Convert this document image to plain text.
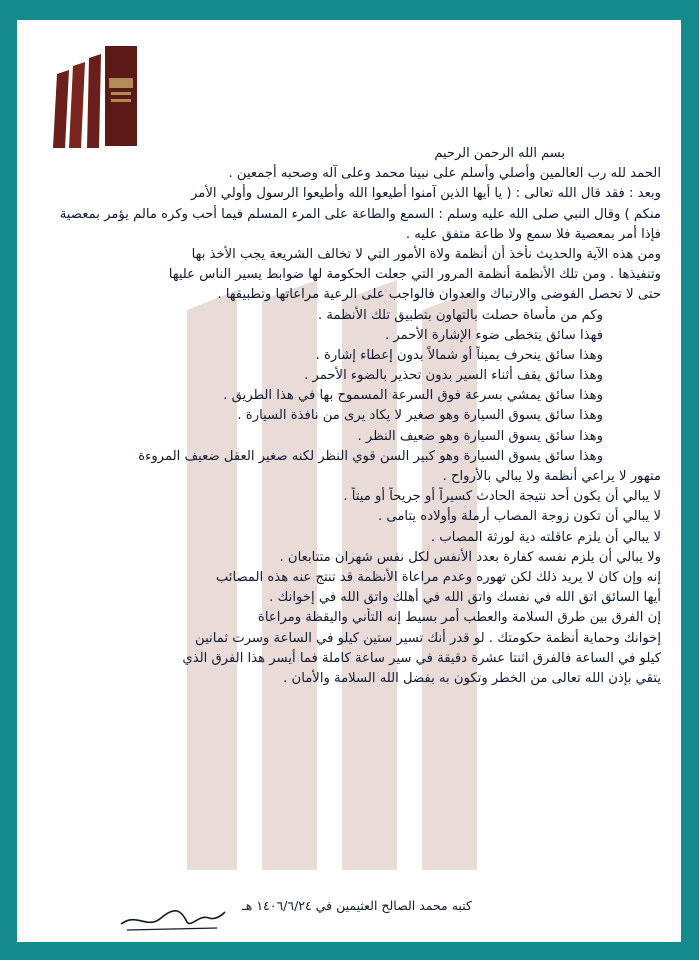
بسم الله الرحمن الرحيم
الحمد لله رب العالمين وأصلي وأسلم على نبينا محمد وعلى آله وصحبه أجمعين .
وبعد : فقد قال الله تعالى : ( يا أيها الذين آمنوا أطيعوا الله وأطيعوا الرسول وأولي الأمر
منكم ) وقال النبي صلى الله عليه وسلم : السمع والطاعة على المرء المسلم فيما أحب وكره مالم يؤمر بمعصية
فإذا أمر بمعصية فلا سمع ولا طاعة متفق عليه .
ومن هذه الآية والحديث نأخذ أن أنظمة ولاة الأمور التي لا تخالف الشريعة يجب الأخذ بها
وتنفيذها . ومن تلك الأنظمة أنظمة المرور التي جعلت الحكومة لها ضوابط يسير الناس عليها
حتى لا تحصل الفوضى والارتباك والعدوان فالواجب على الرعية مراعاتها وتطبيقها .
وكم من مأساة حصلت بالتهاون بتطبيق تلك الأنظمة .
فهذا سائق يتخطى ضوء الإشارة الأحمر .
وهذا سائق ينحرف يميناً أو شمالاً بدون إعطاء إشارة .
وهذا سائق يقف أثناء السير بدون تحذير بالضوء الأحمر .
وهذا سائق يمشي بسرعة فوق السرعة المسموح بها في هذا الطريق .
وهذا سائق يسوق السيارة وهو صغير لا يكاد يرى من نافذة السيارة .
وهذا سائق يسوق السيارة وهو ضعيف النظر .
وهذا سائق يسوق السيارة وهو كبير السن قوي النظر لكنه صغير العقل ضعيف المروءة
متهور لا يراعي أنظمة ولا يبالي بالأرواح .
لا يبالي أن يكون أحد نتيجة الحادث كسيراً أو جريحاً أو ميتاً .
لا يبالي أن تكون زوجة المصاب أرملة وأولاده يتامى .
لا يبالي أن يلزم عاقلته دية لورثة المصاب .
ولا يبالي أن يلزم نفسه كفارة بعدد الأنفس لكل نفس شهران متتابعان .
إنه وإن كان لا يريد ذلك لكن تهوره وعدم مراعاة الأنظمة قد تنتج عنه هذه المصائب
أيها السائق اتق الله في نفسك واتق الله في أهلك واتق الله في إخوانك .
إن الفرق بين طرق السلامة والعطب أمر بسيط إنه التأني واليقظة ومراعاة
إخوانك وحماية أنظمة حكومتك . لو قدر أنك تسير ستين كيلو في الساعة وسرت ثمانين
كيلو في الساعة فالفرق اثنتا عشرة دقيقة في سير ساعة كاملة فما أيسر هذا الفرق الذي
يتقي بإذن الله تعالى من الخطر وتكون به بفضل الله السلامة والأمان .
كتبه محمد الصالح العثيمين في ١٤٠٦/٦/٢٤ هـ
